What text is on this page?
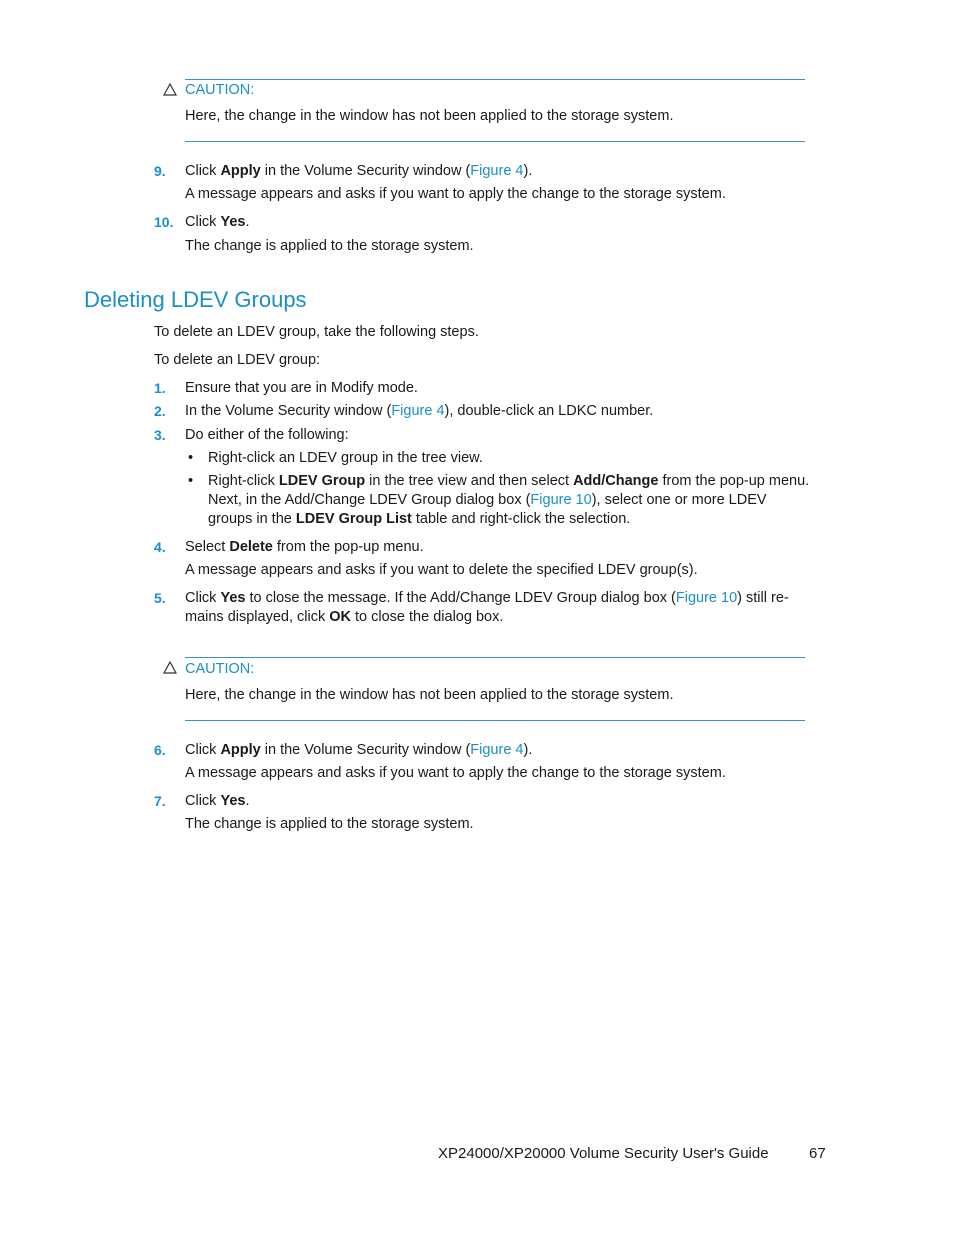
CAUTION:
Here, the change in the window has not been applied to the storage system.
9. Click Apply in the Volume Security window (Figure 4).
A message appears and asks if you want to apply the change to the storage system.
10. Click Yes.
The change is applied to the storage system.
Deleting LDEV Groups
To delete an LDEV group, take the following steps.
To delete an LDEV group:
1. Ensure that you are in Modify mode.
2. In the Volume Security window (Figure 4), double-click an LDKC number.
3. Do either of the following:
• Right-click an LDEV group in the tree view.
• Right-click LDEV Group in the tree view and then select Add/Change from the pop-up menu.
Next, in the Add/Change LDEV Group dialog box (Figure 10), select one or more LDEV
groups in the LDEV Group List table and right-click the selection.
4. Select Delete from the pop-up menu.
A message appears and asks if you want to delete the specified LDEV group(s).
5. Click Yes to close the message. If the Add/Change LDEV Group dialog box (Figure 10) still re-
mains displayed, click OK to close the dialog box.
CAUTION:
Here, the change in the window has not been applied to the storage system.
6. Click Apply in the Volume Security window (Figure 4).
A message appears and asks if you want to apply the change to the storage system.
7. Click Yes.
The change is applied to the storage system.
XP24000/XP20000 Volume Security User's Guide	67
